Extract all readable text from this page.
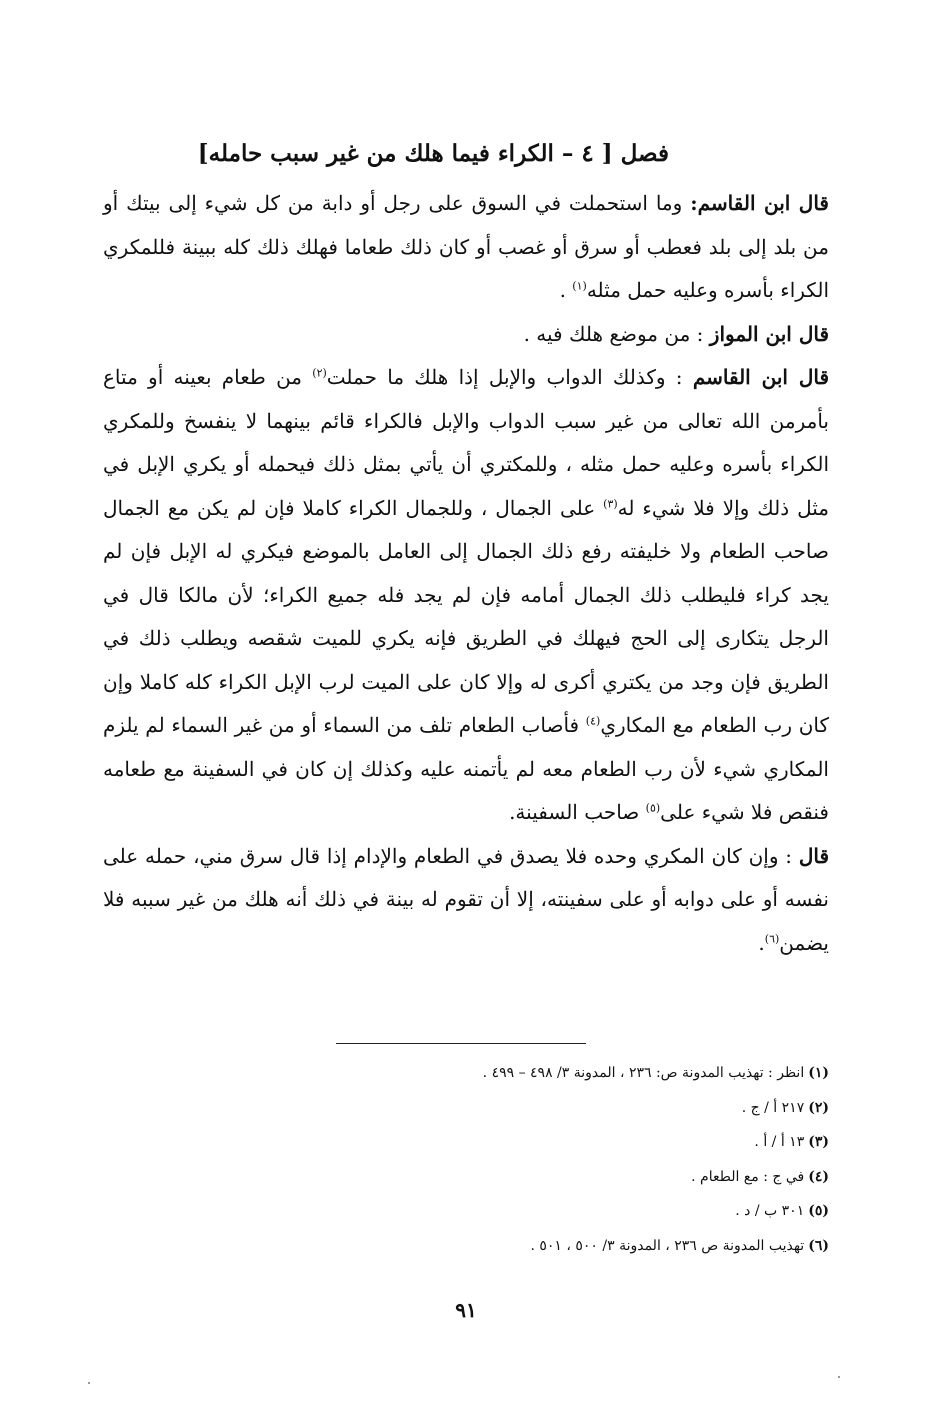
فصل [ ٤ – الكراء فيما هلك من غير سبب حامله]

قال ابن القاسم: وما استحملت في السوق على رجل أو دابة من كل شيء إلى بيتك أو من بلد إلى بلد فعطب أو سرق أو غصب أو كان ذلك طعاما فهلك ذلك كله ببينة فللمكري الكراء بأسره وعليه حمل مثله$^{(١)}$ .

قال ابن المواز : من موضع هلك فيه .

قال ابن القاسم : وكذلك الدواب والإبل إذا هلك ما حملت$^{(٢)}$ من طعام بعينه أو متاع بأمرمن الله تعالى من غير سبب الدواب والإبل فالكراء قائم بينهما لا ينفسخ وللمكري الكراء بأسره وعليه حمل مثله ، وللمكتري أن يأتي بمثل ذلك فيحمله أو يكري الإبل في مثل ذلك وإلا فلا شيء له$^{(٣)}$ على الجمال ، وللجمال الكراء كاملا فإن لم يكن مع الجمال صاحب الطعام ولا خليفته رفع ذلك الجمال إلى العامل بالموضع فيكري له الإبل فإن لم يجد كراء فليطلب ذلك الجمال أمامه فإن لم يجد فله جميع الكراء؛ لأن مالكا قال في الرجل يتكارى إلى الحج فيهلك في الطريق فإنه يكري للميت شقصه ويطلب ذلك في الطريق فإن وجد من يكتري أكرى له وإلا كان على الميت لرب الإبل الكراء كله كاملا وإن كان رب الطعام مع المكاري$^{(٤)}$ فأصاب الطعام تلف من السماء أو من غير السماء لم يلزم المكاري شيء لأن رب الطعام معه لم يأتمنه عليه وكذلك إن كان في السفينة مع طعامه فنقص فلا شيء على$^{(٥)}$ صاحب السفينة.

قال : وإن كان المكري وحده فلا يصدق في الطعام والإدام إذا قال سرق مني، حمله على نفسه أو على دوابه أو على سفينته، إلا أن تقوم له بينة في ذلك أنه هلك من غير سببه فلا يضمن$^{(٦)}$.

(١)انظر : تهذيب المدونة ص: ٢٣٦ ، المدونة ٣/ ٤٩٨ – ٤٩٩ .
(٢)٢١٧ أ / ج .
(٣)١٣ أ / أ .
(٤)في ج : مع الطعام .
(٥)٣٠١ ب / د .
(٦)تهذيب المدونة ص ٢٣٦ ، المدونة ٣/ ٥٠٠ ، ٥٠١ .
٩١
